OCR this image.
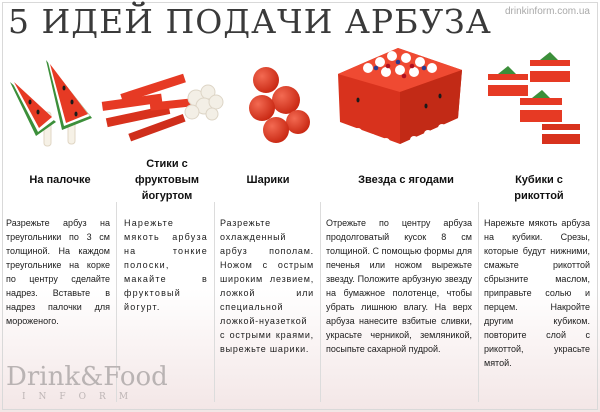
5 ИДЕЙ ПОДАЧИ АРБУЗА drinkinform.com.ua
На палочке
Стики с фруктовым йогуртом
Шарики	Звезда с ягодами	Кубики с рикоттой
Разрежьте арбуз на треугольники по 3 см толщиной. На каждом треугольнике на корке по центру сделайте надрез. Вставьте в надрез палочки для мороженого.
Нарежьте мякоть арбуза на тонкие полоски, макайте в фруктовый йогурт.
Разрежьте охлажденный арбуз пополам. Ножом с острым широким лезвием, ложкой или специальной ложкой-нуазеткой с острыми краями, вырежьте шарики.
Отрежьте по центру арбуза продолговатый кусок 8 см толщиной. С помощью формы для печенья или ножом вырежьте звезду. Положите арбузную звезду на бумажное полотенце, чтобы убрать лишнюю влагу. На верх арбуза нанесите взбитые сливки, украсьте черникой, земляникой, посыпьте сахарной пудрой.
Нарежьте мякоть арбуза на кубики. Срезы, которые будут нижними, смажьте рикоттой сбрызните маслом, приправьте солью и перцем. Накройте другим кубиком. повторите слой с рикоттой, украсьте мятой.
Drink&Food
INFORM
